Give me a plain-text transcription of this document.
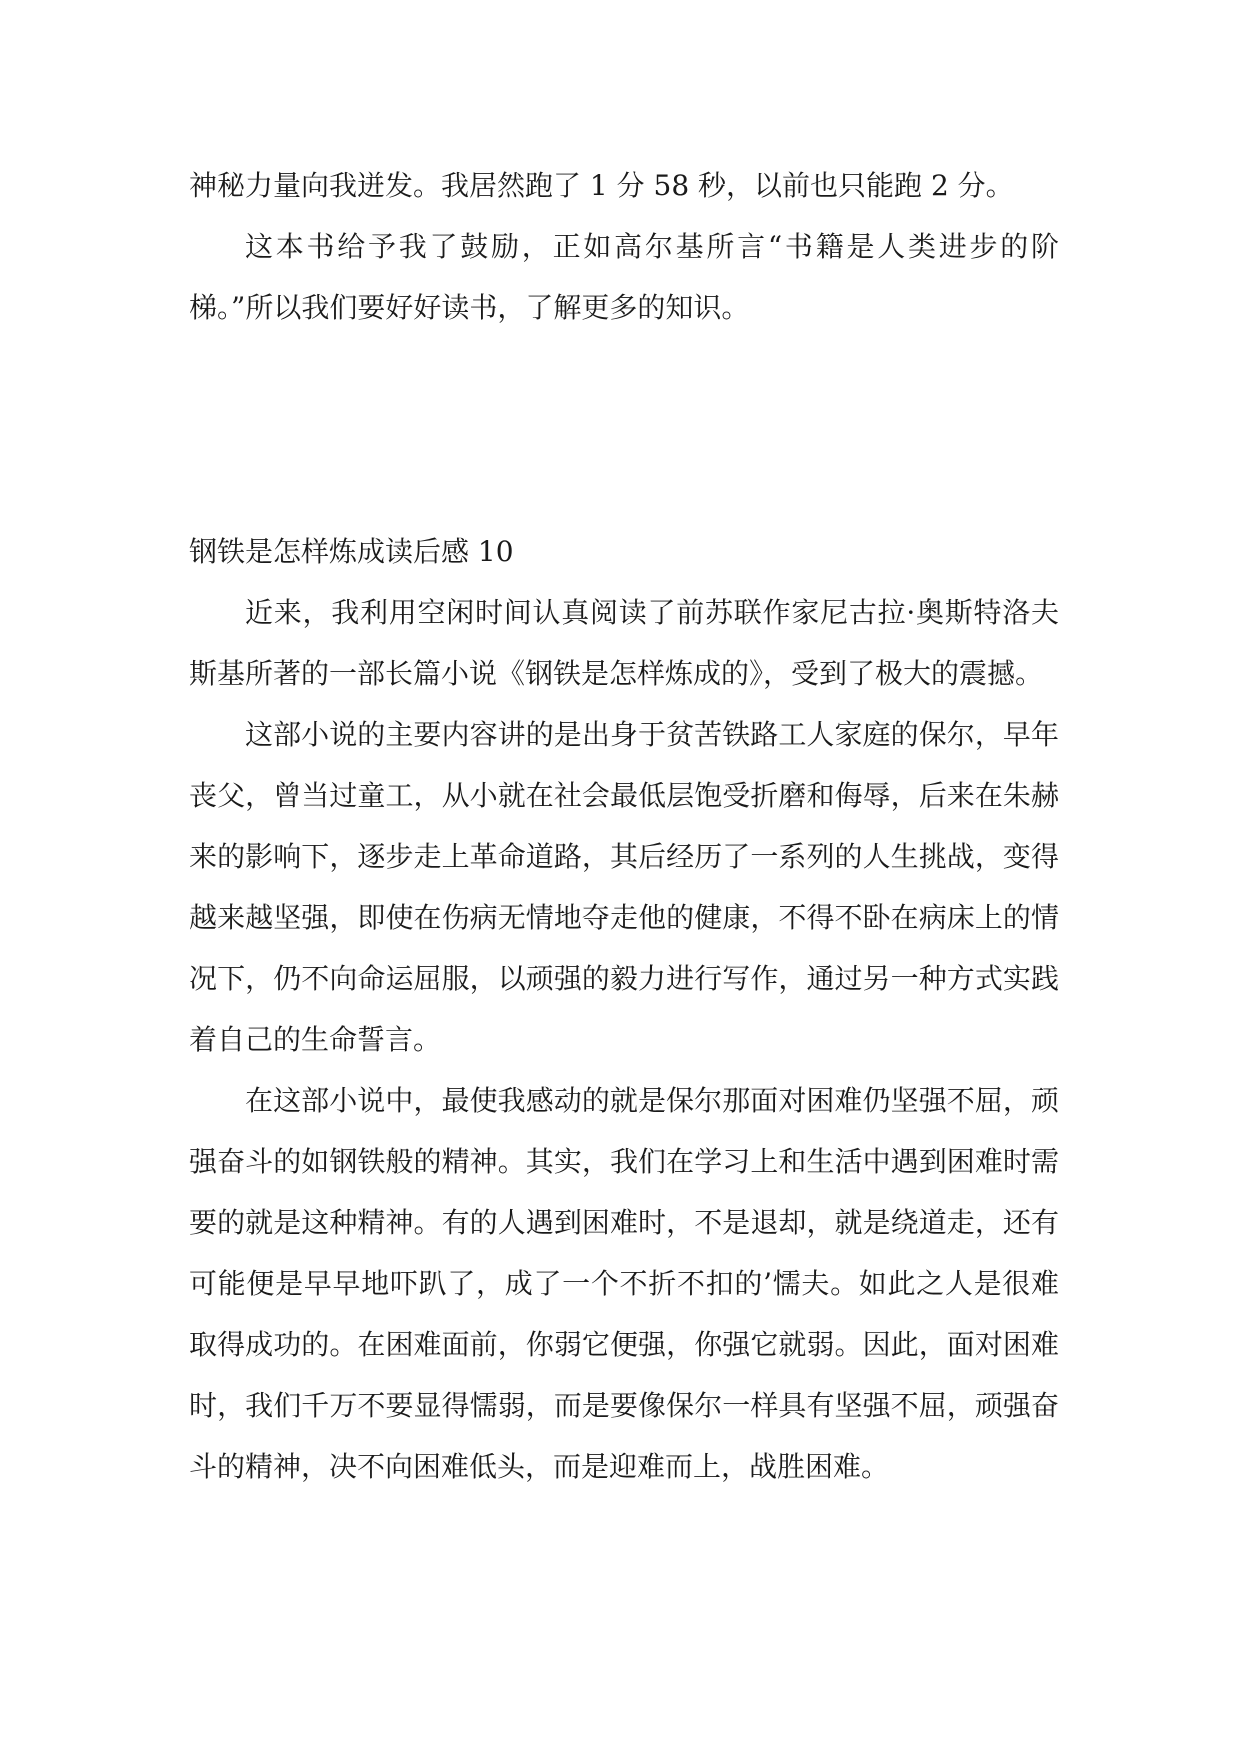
神秘力量向我迸发。我居然跑了 1 分 58 秒，以前也只能跑 2 分。

这本书给予我了鼓励，正如高尔基所言“书籍是人类进步的阶梯。”所以我们要好好读书，了解更多的知识。

钢铁是怎样炼成读后感 10

近来，我利用空闲时间认真阅读了前苏联作家尼古拉·奥斯特洛夫斯基所著的一部长篇小说《钢铁是怎样炼成的》，受到了极大的震撼。

这部小说的主要内容讲的是出身于贫苦铁路工人家庭的保尔，早年丧父，曾当过童工，从小就在社会最低层饱受折磨和侮辱，后来在朱赫来的影响下，逐步走上革命道路，其后经历了一系列的人生挑战，变得越来越坚强，即使在伤病无情地夺走他的健康，不得不卧在病床上的情况下，仍不向命运屈服，以顽强的毅力进行写作，通过另一种方式实践着自己的生命誓言。

在这部小说中，最使我感动的就是保尔那面对困难仍坚强不屈，顽强奋斗的如钢铁般的精神。其实，我们在学习上和生活中遇到困难时需要的就是这种精神。有的人遇到困难时，不是退却，就是绕道走，还有可能便是早早地吓趴了，成了一个不折不扣的’懦夫。如此之人是很难取得成功的。在困难面前，你弱它便强，你强它就弱。因此，面对困难时，我们千万不要显得懦弱，而是要像保尔一样具有坚强不屈，顽强奋斗的精神，决不向困难低头，而是迎难而上，战胜困难。
